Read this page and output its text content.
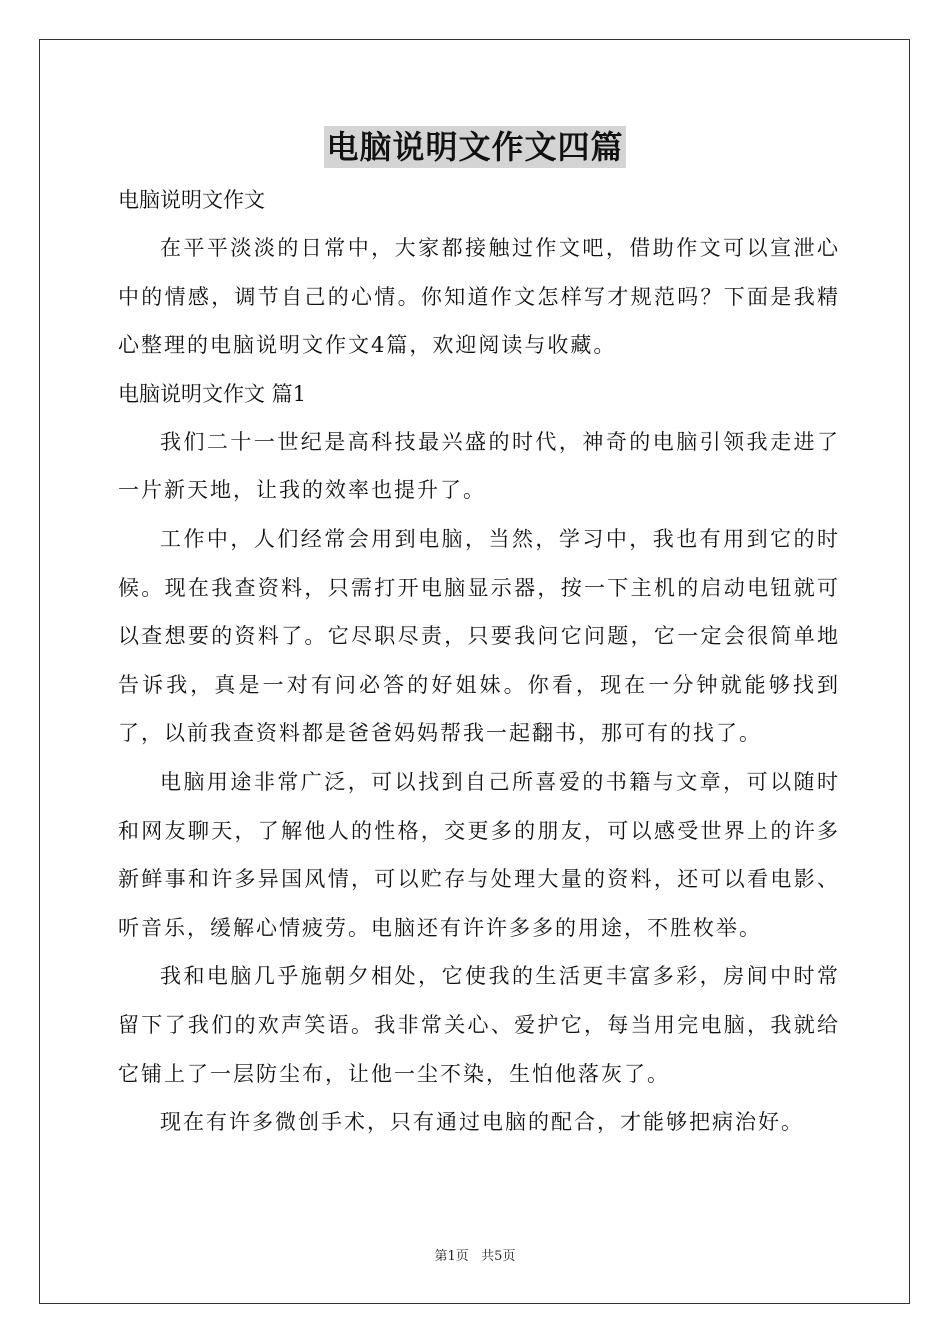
电脑说明文作文四篇

电脑说明文作文

在平平淡淡的日常中，大家都接触过作文吧，借助作文可以宣泄心中的情感，调节自己的心情。你知道作文怎样写才规范吗？下面是我精心整理的电脑说明文作文4篇，欢迎阅读与收藏。

电脑说明文作文 篇1

我们二十一世纪是高科技最兴盛的时代，神奇的电脑引领我走进了一片新天地，让我的效率也提升了。

工作中，人们经常会用到电脑，当然，学习中，我也有用到它的时候。现在我查资料，只需打开电脑显示器，按一下主机的启动电钮就可以查想要的资料了。它尽职尽责，只要我问它问题，它一定会很简单地告诉我，真是一对有问必答的好姐妹。你看，现在一分钟就能够找到了，以前我查资料都是爸爸妈妈帮我一起翻书，那可有的找了。

电脑用途非常广泛，可以找到自己所喜爱的书籍与文章，可以随时和网友聊天，了解他人的性格，交更多的朋友，可以感受世界上的许多新鲜事和许多异国风情，可以贮存与处理大量的资料，还可以看电影、听音乐，缓解心情疲劳。电脑还有许许多多的用途，不胜枚举。

我和电脑几乎施朝夕相处，它使我的生活更丰富多彩，房间中时常留下了我们的欢声笑语。我非常关心、爱护它，每当用完电脑，我就给它铺上了一层防尘布，让他一尘不染，生怕他落灰了。

现在有许多微创手术，只有通过电脑的配合，才能够把病治好。

第1页   共5页
